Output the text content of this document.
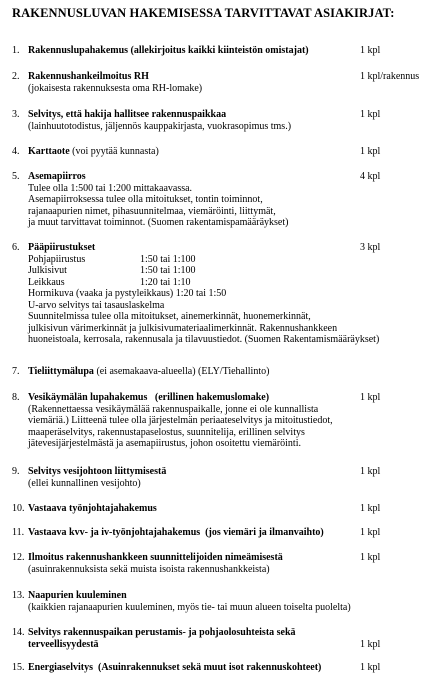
RAKENNUSLUVAN HAKEMISESSA TARVITTAVAT ASIAKIRJAT:
1. Rakennuslupahakemus (allekirjoitus kaikki kiinteistön omistajat)	1 kpl
2. Rakennushankeilmoitus RH	1 kpl/rakennus
(jokaisesta rakennuksesta oma RH-lomake)
3. Selvitys, että hakija hallitsee rakennuspaikkaa	1 kpl
(lainhuutotodistus, jäljennös kauppakirjasta, vuokrasopimus tms.)
4. Karttaote (voi pyytää kunnasta)	1 kpl
5. Asemapiirros	4 kpl
Tulee olla 1:500 tai 1:200 mittakaavassa.
Asemapiirroksessa tulee olla mitoitukset, tontin toiminnot,
rajanaapurien nimet, pihasuunnitelmaa, viemäröinti, liittymät,
ja muut tarvittavat toiminnot. (Suomen rakentamispamääräykset)
6. Pääpiirustukset	3 kpl
Pohjapiirustus	1:50 tai 1:100
Julkisivut	1:50 tai 1:100
Leikkaus	1:20 tai 1:10
Hormikuva (vaaka ja pystyleikkaus) 1:20 tai 1:50
U-arvo selvitys tai tasauslaskelma
Suunnitelmissa tulee olla mitoitukset, ainemerkinnät, huonemerkinnät,
julkisivun värimerkinnät ja julkisivumateriaalimerkinnät. Rakennushankkeen
huoneistoala, kerrosala, rakennusala ja tilavuustiedot. (Suomen Rakentamismääräykset)
7. Tieliittymälupa (ei asemakaava-alueella) (ELY/Tiehallinto)
8. Vesikäymälän lupahakemus   (erillinen hakemuslomake)	1 kpl
(Rakennettaessa vesikäymälää rakennuspaikalle, jonne ei ole kunnallista
viemäriä.) Liitteenä tulee olla järjestelmän periaateselvitys ja mitoitustiedot,
maaperäselvitys, rakennustapaselostus, suunnitelija, erillinen selvitys
jätevesijärjestelmästä ja asemapiirustus, johon osoitettu viemäröinti.
9. Selvitys vesijohtoon liittymisestä	1 kpl
(ellei kunnallinen vesijohto)
10. Vastaava työnjohtajahakemus	1 kpl
11. Vastaava kvv- ja iv-työnjohtajahakemus  (jos viemäri ja ilmanvaihto)	1 kpl
12. Ilmoitus rakennushankkeen suunnittelijoiden nimeämisestä	1 kpl
(asuinrakennuksista sekä muista isoista rakennushankkeista)
13. Naapurien kuuleminen
(kaikkien rajanaapurien kuuleminen, myös tie- tai muun alueen toiselta puolelta)
14. Selvitys rakennuspaikan perustamis- ja pohjaolosuhteista sekä
terveellisyydestä	1 kpl
15. Energiaselvitys  (Asuinrakennukset sekä muut isot rakennuskohteet)	1 kpl
